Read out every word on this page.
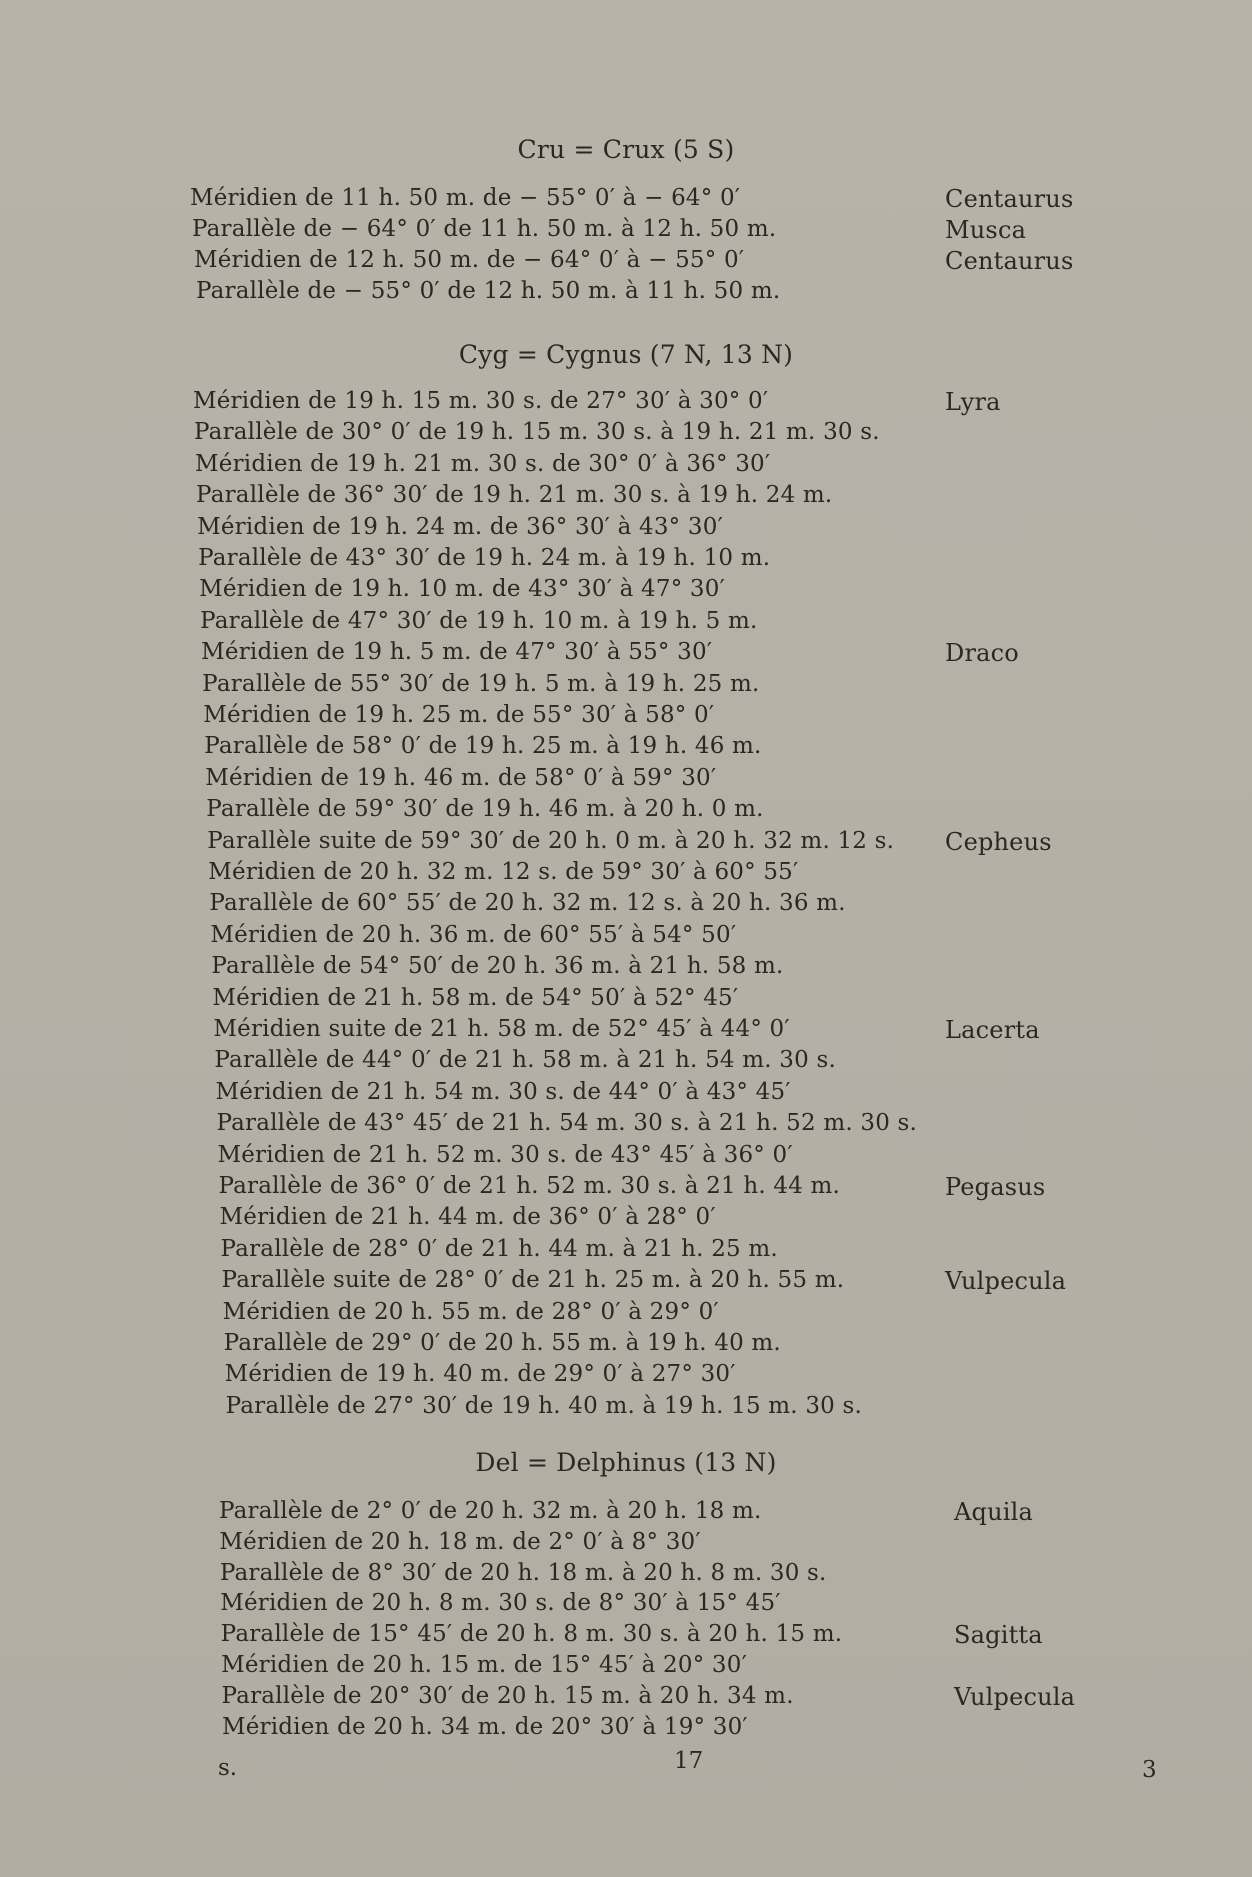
Cru = Crux (5 S)
Méridien de 11 h. 50 m. de − 55° 0′ à − 64° 0′	Centaurus
Parallèle de − 64° 0′ de 11 h. 50 m. à 12 h. 50 m.	Musca
Méridien de 12 h. 50 m. de − 64° 0′ à − 55° 0′	Centaurus
Parallèle de − 55° 0′ de 12 h. 50 m. à 11 h. 50 m.
Cyg = Cygnus (7 N, 13 N)
Méridien de 19 h. 15 m. 30 s. de 27° 30′ à 30° 0′	Lyra
Parallèle de 30° 0′ de 19 h. 15 m. 30 s. à 19 h. 21 m. 30 s.
Méridien de 19 h. 21 m. 30 s. de 30° 0′ à 36° 30′
Parallèle de 36° 30′ de 19 h. 21 m. 30 s. à 19 h. 24 m.
Méridien de 19 h. 24 m. de 36° 30′ à 43° 30′
Parallèle de 43° 30′ de 19 h. 24 m. à 19 h. 10 m.
Méridien de 19 h. 10 m. de 43° 30′ à 47° 30′
Parallèle de 47° 30′ de 19 h. 10 m. à 19 h. 5 m.
Méridien de 19 h. 5 m. de 47° 30′ à 55° 30′	Draco
Parallèle de 55° 30′ de 19 h. 5 m. à 19 h. 25 m.
Méridien de 19 h. 25 m. de 55° 30′ à 58° 0′
Parallèle de 58° 0′ de 19 h. 25 m. à 19 h. 46 m.
Méridien de 19 h. 46 m. de 58° 0′ à 59° 30′
Parallèle de 59° 30′ de 19 h. 46 m. à 20 h. 0 m.
Parallèle suite de 59° 30′ de 20 h. 0 m. à 20 h. 32 m. 12 s. Cepheus
Méridien de 20 h. 32 m. 12 s. de 59° 30′ à 60° 55′
Parallèle de 60° 55′ de 20 h. 32 m. 12 s. à 20 h. 36 m.
Méridien de 20 h. 36 m. de 60° 55′ à 54° 50′
Parallèle de 54° 50′ de 20 h. 36 m. à 21 h. 58 m.
Méridien de 21 h. 58 m. de 54° 50′ à 52° 45′
Méridien suite de 21 h. 58 m. de 52° 45′ à 44° 0′	Lacerta
Parallèle de 44° 0′ de 21 h. 58 m. à 21 h. 54 m. 30 s.
Méridien de 21 h. 54 m. 30 s. de 44° 0′ à 43° 45′
Parallèle de 43° 45′ de 21 h. 54 m. 30 s. à 21 h. 52 m. 30 s.
Méridien de 21 h. 52 m. 30 s. de 43° 45′ à 36° 0′
Parallèle de 36° 0′ de 21 h. 52 m. 30 s. à 21 h. 44 m.	Pegasus
Méridien de 21 h. 44 m. de 36° 0′ à 28° 0′
Parallèle de 28° 0′ de 21 h. 44 m. à 21 h. 25 m.
Parallèle suite de 28° 0′ de 21 h. 25 m. à 20 h. 55 m.	Vulpecula
Méridien de 20 h. 55 m. de 28° 0′ à 29° 0′
Parallèle de 29° 0′ de 20 h. 55 m. à 19 h. 40 m.
Méridien de 19 h. 40 m. de 29° 0′ à 27° 30′
Parallèle de 27° 30′ de 19 h. 40 m. à 19 h. 15 m. 30 s.
Del = Delphinus (13 N)
Parallèle de 2° 0′ de 20 h. 32 m. à 20 h. 18 m.	Aquila
Méridien de 20 h. 18 m. de 2° 0′ à 8° 30′
Parallèle de 8° 30′ de 20 h. 18 m. à 20 h. 8 m. 30 s.
Méridien de 20 h. 8 m. 30 s. de 8° 30′ à 15° 45′
Parallèle de 15° 45′ de 20 h. 8 m. 30 s. à 20 h. 15 m.	Sagitta
Méridien de 20 h. 15 m. de 15° 45′ à 20° 30′
Parallèle de 20° 30′ de 20 h. 15 m. à 20 h. 34 m.	Vulpecula
Méridien de 20 h. 34 m. de 20° 30′ à 19° 30′
s.	17	3
